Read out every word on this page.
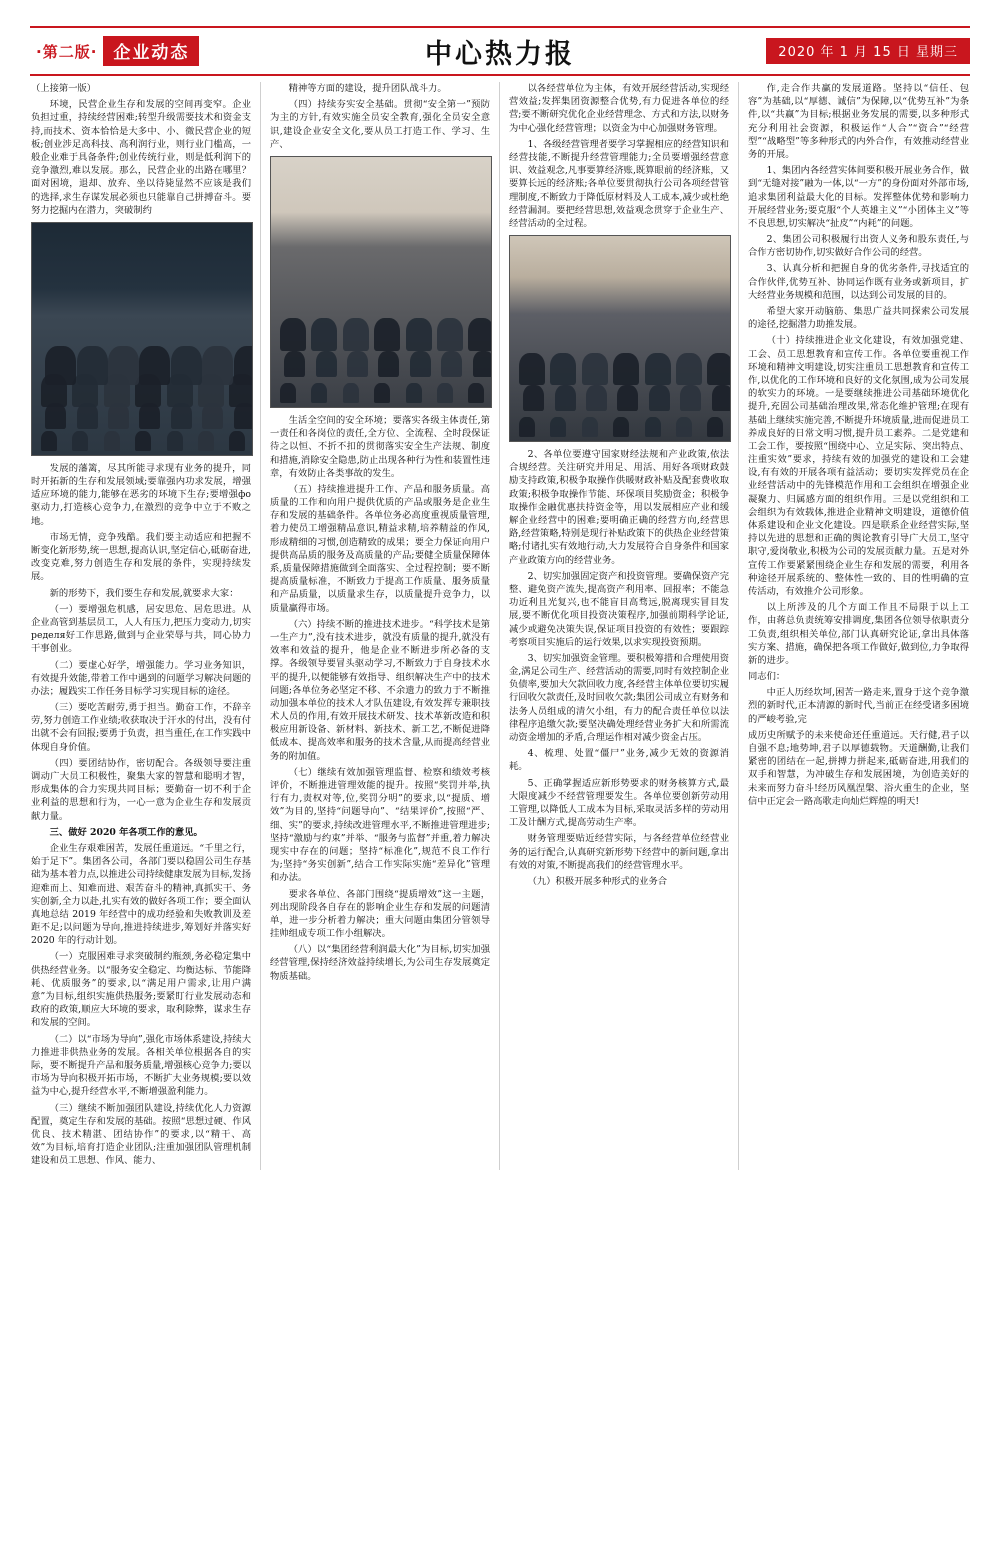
·第二版· 企业动态	中心热力报	2020 年 1 月 15 日 星期三

（上接第一版）

环境，民营企业生存和发展的空间再变窄。企业负担过重，持续经营困难;转型升级需要技术和资金支持,而技术、资本恰恰是大多中、小、微民营企业的短板;创业涉足高科技、高利润行业，则行业门槛高，一般企业难于具备条件;创业传统行业，则是低利润下的竞争激烈,难以发展。那么，民营企业的出路在哪里？面对困境，退却、放弃、坐以待毙显然不应该是我们的选择,求生存谋发展必须也只能靠自己拼搏奋斗。要努力挖掘内在潜力，突破制约

发展的藩篱，尽其所能寻求现有业务的提升，同时开拓新的生存和发展领域;要靠强内功求发展，增强适应环境的能力,能够在恶劣的环境下生存;要增强фо驱动力,打造核心竞争力,在激烈的竞争中立于不败之地。

市场无情，竞争残酷。我们要主动适应和把握不断变化新形势,统一思想,提高认识,坚定信心,砥砺奋进,改变克难,努力创造生存和发展的条件，实现持续发展。

新的形势下，我们要生存和发展,就要求大家：

（一）要增强危机感，居安思危、居危思进。从企业高管到基层员工，人人有压力,把压力变动力,切实ределя好工作思路,做到与企业荣辱与共，同心协力干事创业。

（二）要虚心好学，增强能力。学习业务知识，有效提升效能,带着工作中遇到的问题学习解决问题的办法；履践实工作任务目标学习实现目标的途径。

（三）要吃苦耐劳,勇于担当。勤奋工作，不辞辛劳,努力创造工作业绩;收获取决于汗水的付出，没有付出就不会有回报;要勇于负责，担当重任,在工作实践中体现自身价值。

（四）要团结协作，密切配合。各级领导要注重调动广大员工积极性，聚集大家的智慧和聪明才智，形成集体的合力实现共同目标；要勤奋一切不利于企业利益的思想和行为，一心一意为企业生存和发展贡献力量。

三、做好 2020 年各项工作的意见。

企业生存艰难困苦，发展任重道远。“千里之行，始于足下”。集团各公司，各部门要以稳固公司生存基础为基本着力点,以推进公司持续健康发展为目标,发扬迎难而上、知难而进、艰苦奋斗的精神,真抓实干、务实创新,全力以赴,扎实有效的做好各项工作；要全面认真地总结 2019 年经营中的成功经验和失败教训及差距不足;以问题为导向,推进持续进步,筹划好并落实好 2020 年的行动计划。

（一）克服困难寻求突破制约瓶颈,务必稳定集中供热经营业务。以“服务安全稳定、均衡达标、节能降耗、优质服务”的要求,以“满足用户需求,让用户满意”为目标,组织实施供热服务;要紧盯行业发展动态和政府的政策,顺应大环境的要求，取利除弊，谋求生存和发展的空间。

（二）以“市场为导向”,强化市场体系建设,持续大力推进非供热业务的发展。各相关单位根据各自的实际，要不断提升产品和服务质量,增强核心竞争力;要以市场为导向积极开拓市场，不断扩大业务规模;要以效益为中心,提升经营水平,不断增强盈利能力。

（三）继续不断加强团队建设,持续优化人力资源配置，奠定生存和发展的基础。按照“思想过硬、作风优良、技术精湛、团结协作”的要求,以“精干、高效”为目标,培育打造企业团队;注重加强团队管理机制建设和员工思想、作风、能力、

精神等方面的建设，提升团队战斗力。

（四）持续夯实安全基础。贯彻“安全第一”预防为主的方针,有效实施全员安全教育,强化全员安全意识,建设企业安全文化,要从员工打造工作、学习、生产、

生活全空间的安全环境；要落实各级主体责任,第一责任和各岗位的责任,全方位、全流程、全时段保证待之以恒、不折不扣的贯彻落实安全生产法规、制度和措施,消除安全隐患,防止出现各种行为性和装置性违章，有效防止各类事故的发生。

（五）持续推进提升工作、产品和服务质量。高质量的工作和向用户提供优质的产品或服务是企业生存和发展的基础条件。各单位务必高度重视质量管理,着力使员工增强精品意识,精益求精,培养精益的作风,形成精细的习惯,创造精致的成果；要全力保证向用户提供高品质的服务及高质量的产品;要健全质量保障体系,质量保障措施做到全面落实、全过程控制；要不断提高质量标准，不断致力于提高工作质量、服务质量和产品质量，以质量求生存，以质量提升竞争力，以质量赢得市场。

（六）持续不断的推进技术进步。“科学技术是第一生产力”,没有技术进步，就没有质量的提升,就没有效率和效益的提升，他是企业不断进步所必备的支撑。各级领导要冒头驱动学习,不断致力于自身技术水平的提升,以便能够有效指导、组织解决生产中的技术问题;各单位务必坚定不移、不余遗力的致力于不断推动加强本单位的技术人才队伍建设,有效发挥专兼职技术人员的作用,有效开展技术研发、技术革新改造和积极应用新设备、新材料、新技术、新工艺,不断促进降低成本、提高效率和服务的技术含量,从而提高经营业务的附加值。

（七）继续有效加强管理监督、检察和绩效考核评价，不断推进管理效能的提升。按照“奖罚并举,执行有力,责权对等,位,奖罚分明”的要求,以“提质、增效”为目的,坚持“问题导向”、“结果评价”,按照“严、细、实”的要求,持续改进管理水平,不断推进管理进步;坚持“激励与约束”并举、“服务与监督”并重,着力解决现实中存在的问题；坚持“标准化”,规范不良工作行为;坚持“务实创新”,结合工作实际实施“差异化”管理和办法。

要求各单位、各部门围绕“提质增效”这一主题，列出现阶段各自存在的影响企业生存和发展的问题清单，进一步分析着力解决；重大问题由集团分管领导挂帅组成专项工作小组解决。

（八）以“集团经营利润最大化”为目标,切实加强经营管理,保持经济效益持续增长,为公司生存发展奠定物质基础。

以各经营单位为主体，有效开展经营活动,实现经营效益;发挥集团资源整合优势,有力促进各单位的经营;要不断研究优化企业经营理念、方式和方法,以财务为中心强化经营管理；以资金为中心加强财务管理。

1、各级经营管理者要学习掌握相应的经营知识和经营技能,不断提升经营管理能力;全员要增强经营意识、效益观念,凡事要算经济账,既算眼前的经济账，又要算长远的经济账;各单位要贯彻执行公司各项经营管理制度,不断致力于降低原材料及人工成本,减少或杜绝经营漏洞。要把经营思想,效益观念贯穿于企业生产、经营活动的全过程。

2、各单位要遵守国家财经法规和产业政策,依法合规经营。关注研究并用足、用活、用好各项财政鼓励支持政策,积极争取操作供暖财政补贴及配套费收取政策;积极争取操作节能、环保项目奖励资金；积极争取操作金融优惠扶持资金等，用以发展相应产业和缓解企业经营中的困难;要明确正确的经营方向,经营思路,经营策略,特别是现行补贴政策下的供热企业经营策略;付诸扎实有效地行动,大力发展符合自身条件和国家产业政策方向的经营业务。

2、切实加强固定资产和投资管理。要确保资产完整、避免资产流失,提高资产利用率、回报率；不能急功近利且光复兴,也不能盲目高骛远,脱离现实冒目发展,要不断优化项目投资决策程序,加强前期科学论证,减少或避免决策失误,保证项目投资的有效性；要跟踪考察项目实施后的运行效果,以求实现投资预期。

3、切实加强资金管理。要积极筹措和合理使用资金,满足公司生产、经营活动的需要,同时有效控制企业负债率,要加大欠款回收力度,各经营主体单位要切实履行回收欠款责任,及时回收欠款;集团公司成立有财务和法务人员组成的清欠小组，有力的配合责任单位以法律程序追缴欠款;要坚决确处理经营业务扩大和所需流动资金增加的矛盾,合理运作相对减少资金占压。

4、梳理、处置“僵尸”业务,减少无效的资源消耗。

5、正确掌握适应新形势要求的财务核算方式,最大限度减少不经营管理要发生。各单位要创新劳动用工管理,以降低人工成本为目标,采取灵活多样的劳动用工及计酬方式,提高劳动生产率。

财务管理要贴近经营实际，与各经营单位经营业务的运行配合,认真研究新形势下经营中的新问题,拿出有效的对策,不断提高我们的经营管理水平。

（九）积极开展多种形式的业务合

作,走合作共赢的发展道路。坚持以“信任、包容”为基础,以“厚德、诚信”为保障,以“优势互补”为条件,以“共赢”为目标;根据业务发展的需要,以多种形式充分利用社会资源，积极运作“人合”“资合”“经营型”“战略型”等多种形式的内外合作，有效推动经营业务的开展。

1、集团内各经营实体间要积极开展业务合作，做到“无缝对接”融为一体,以“一方”的身份面对外部市场,追求集团利益最大化的目标。发挥整体优势和影响力开展经营业务;要克服“个人英雄主义”“小团体主义”等不良思想,切实解决“扯皮”“内耗”的问题。

2、集团公司积极履行出资人义务和股东责任,与合作方密切协作,切实做好合作公司的经营。

3、认真分析和把握自身的优劣条件,寻找适宜的合作伙伴,优势互补、协同运作既有业务或新项目，扩大经营业务规模和范围，以达到公司发展的目的。

希望大家开动脑筋、集思广益共同探索公司发展的途径,挖掘潜力助推发展。

（十）持续推进企业文化建设，有效加强党建、工会、员工思想教育和宣传工作。各单位要重视工作环境和精神文明建设,切实注重员工思想教育和宣传工作,以优化的工作环境和良好的文化氛围,成为公司发展的软实力的环境。一是要继续推进公司基础环境优化提升,充固公司基础治理改果,常态化维护管理;在现有基础上继续实施完善,不断提升环境质量,进而促进员工养成良好的日常文明习惯,提升员工素养。二是党建和工会工作，要按照“围绕中心、立足实际、突出特点、注重实效”要求，持续有效的加强党的建设和工会建设,有有效的开展各项有益活动；要切实发挥党员在企业经营活动中的先锋模范作用和工会组织在增强企业凝聚力、归属感方面的组织作用。三是以党组织和工会组织为有效载体,推进企业精神文明建设，道德价值体系建设和企业文化建设。四是联系企业经营实际,坚持以先进的思想和正确的舆论教育引导广大员工,坚守职守,爱岗敬业,积极为公司的发展贡献力量。五是对外宣传工作要紧紧围绕企业生存和发展的需要，利用各种途径开展系统的、整体性一致的、目的性明确的宣传活动，有效推介公司形象。

以上所涉及的几个方面工作且不局限于以上工作，由蒋总负责统筹安排调度,集团各位领导依职责分工负责,组织相关单位,部门认真研究论证,拿出具体落实方案、措施，确保把各项工作做好,做到位,力争取得新的进步。

同志们：

中正人历经坎坷,困苦一路走来,置身于这个竞争激烈的新时代,正本清源的新时代,当前正在经受诸多困境的严峻考验,完

成历史所赋予的未来使命还任重道远。天行健,君子以自强不息;地势坤,君子以厚德载物。天道酬勤,让我们紧密的团结在一起,拼搏力拼起来,砥砺奋进,用我们的双手和智慧，为冲破生存和发展困境，为创造美好的未来而努力奋斗!经历风凰涅槃、浴火重生的企业，坚信中正定会一路高歌走向灿烂辉煌的明天!
